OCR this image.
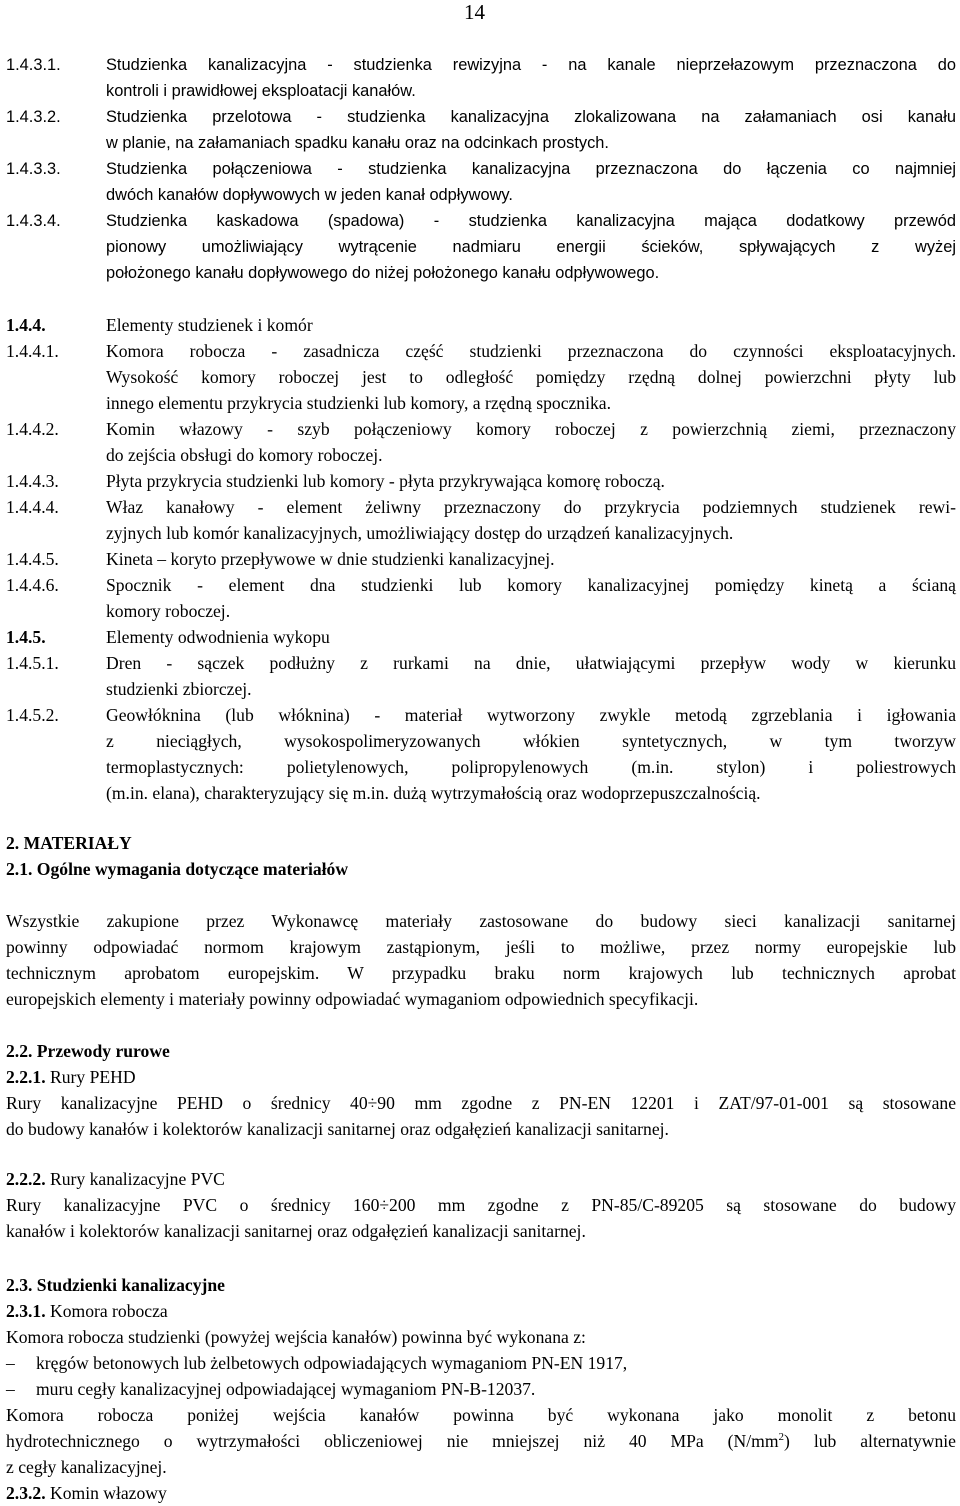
14
1.4.3.1.	Studzienka kanalizacyjna - studzienka rewizyjna - na kanale nieprzełazowym przeznaczona do
kontroli i prawidłowej eksploatacji kanałów.
1.4.3.2.	Studzienka przelotowa - studzienka kanalizacyjna zlokalizowana na załamaniach osi kanału
w planie, na załamaniach spadku kanału oraz na odcinkach prostych.
1.4.3.3.	Studzienka połączeniowa - studzienka kanalizacyjna przeznaczona do łączenia co najmniej
dwóch kanałów dopływowych w jeden kanał odpływowy.
1.4.3.4.	Studzienka kaskadowa (spadowa) - studzienka kanalizacyjna mająca dodatkowy przewód
pionowy umożliwiający wytrącenie nadmiaru energii ścieków, spływających z wyżej
położonego kanału dopływowego do niżej położonego kanału odpływowego.
1.4.4.	Elementy studzienek i komór
1.4.4.1.	Komora robocza - zasadnicza część studzienki przeznaczona do czynności eksploatacyjnych.
Wysokość komory roboczej jest to odległość pomiędzy rzędną dolnej powierzchni płyty lub
innego elementu przykrycia studzienki lub komory, a rzędną spocznika.
1.4.4.2.	Komin włazowy - szyb połączeniowy komory roboczej z powierzchnią ziemi, przeznaczony
do zejścia obsługi do komory roboczej.
1.4.4.3.	Płyta przykrycia studzienki lub komory - płyta przykrywająca komorę roboczą.
1.4.4.4.	Właz kanałowy - element żeliwny przeznaczony do przykrycia podziemnych studzienek rewi-
zyjnych lub komór kanalizacyjnych, umożliwiający dostęp do urządzeń kanalizacyjnych.
1.4.4.5.	Kineta – koryto przepływowe w dnie studzienki kanalizacyjnej.
1.4.4.6.	Spocznik - element dna studzienki lub komory kanalizacyjnej pomiędzy kinetą a ścianą
komory roboczej.
1.4.5.	Elementy odwodnienia wykopu
1.4.5.1.	Dren - sączek podłużny z rurkami na dnie, ułatwiającymi przepływ wody w kierunku
studzienki zbiorczej.
1.4.5.2.	Geowłóknina (lub włóknina) - materiał wytworzony zwykle metodą zgrzeblania i igłowania
z nieciągłych, wysokospolimeryzowanych włókien syntetycznych, w tym tworzyw
termoplastycznych: polietylenowych, polipropylenowych (m.in. stylon) i poliestrowych
(m.in. elana), charakteryzujący się m.in. dużą wytrzymałością oraz wodoprzepuszczalnością.
2. MATERIAŁY
2.1. Ogólne wymagania dotyczące materiałów
Wszystkie zakupione przez Wykonawcę materiały zastosowane do budowy sieci kanalizacji sanitarnej
powinny odpowiadać normom krajowym zastąpionym, jeśli to możliwe, przez normy europejskie lub
technicznym aprobatom europejskim. W przypadku braku norm krajowych lub technicznych aprobat
europejskich elementy i materiały powinny odpowiadać wymaganiom odpowiednich specyfikacji.
2.2. Przewody rurowe
2.2.1. Rury PEHD
Rury kanalizacyjne PEHD o średnicy 40÷90 mm zgodne z PN-EN 12201 i ZAT/97-01-001 są stosowane
do budowy kanałów i kolektorów kanalizacji sanitarnej oraz odgałęzień kanalizacji sanitarnej.
2.2.2. Rury kanalizacyjne PVC
Rury kanalizacyjne PVC o średnicy 160÷200 mm zgodne z PN-85/C-89205 są stosowane do budowy
kanałów i kolektorów kanalizacji sanitarnej oraz odgałęzień kanalizacji sanitarnej.
2.3. Studzienki kanalizacyjne
2.3.1. Komora robocza
Komora robocza studzienki (powyżej wejścia kanałów) powinna być wykonana z:
– kręgów betonowych lub żelbetowych odpowiadających wymaganiom PN-EN 1917,
– muru cegły kanalizacyjnej odpowiadającej wymaganiom PN-B-12037.
Komora robocza poniżej wejścia kanałów powinna być wykonana jako monolit z betonu
hydrotechnicznego o wytrzymałości obliczeniowej nie mniejszej niż 40 MPa $(N/mm^2)$ lub alternatywnie
z cegły kanalizacyjnej.
2.3.2. Komin włazowy
